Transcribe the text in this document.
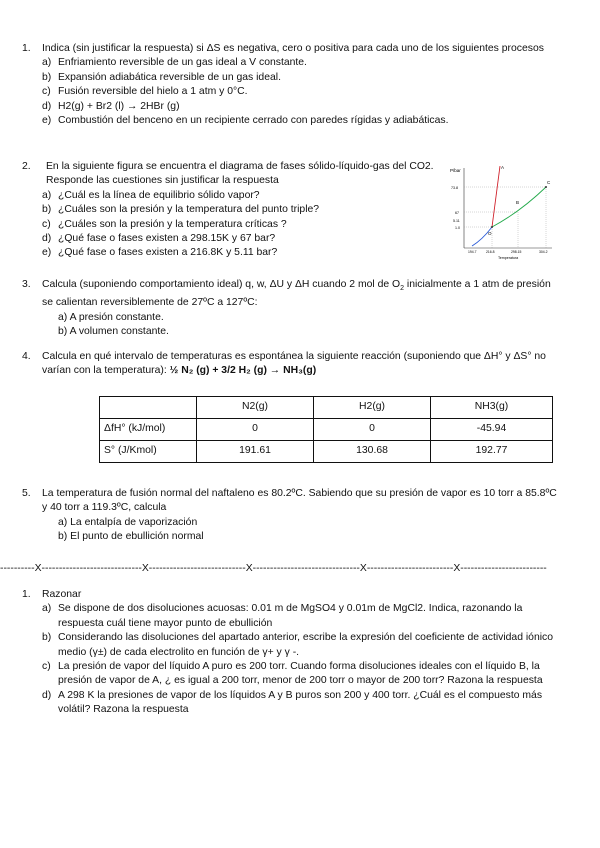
1. Indica (sin justificar la respuesta) si ΔS es negativa, cero o positiva para cada uno de los siguientes procesos
a) Enfriamiento reversible de un gas ideal a V constante.
b) Expansión adiabática reversible de un gas ideal.
c) Fusión reversible del hielo a 1 atm y 0°C.
d) H2(g) + Br2 (l) → 2HBr (g)
e) Combustión del benceno en un recipiente cerrado con paredes rígidas y adiabáticas.
2.	En la siguiente figura se encuentra el diagrama de fases sólido-líquido-gas del CO2. Responde las cuestiones sin justificar la respuesta
a) ¿Cuál es la línea de equilibrio sólido vapor?
b) ¿Cuáles son la presión y la temperatura del punto triple?
c) ¿Cuáles son la presión y la temperatura críticas ?
d) ¿Qué fase o fases existen a 298.15K y 67 bar?
e) ¿Qué fase o fases existen a 216.8K y 5.11 bar?
P/bar
A
B
C
O
73.8
67
5.11
1.0
194.7	216.8	298.15	304.2
Temperatura
3. Calcula (suponiendo comportamiento ideal) q, w, ΔU y ΔH cuando 2 mol de $O_2$ inicialmente a 1 atm de presión se calientan reversiblemente de 27ºC a 127ºC:
a) A presión constante.
b) A volumen constante.
4. Calcula en qué intervalo de temperaturas es espontánea la siguiente reacción (suponiendo que ΔH° y ΔS° no varían con la temperatura): ½ N₂ (g) + 3/2 H₂ (g) → NH₃(g)
	N2(g)	H2(g)	NH3(g)
ΔfH° (kJ/mol)	0	0	-45.94
S° (J/Kmol)	191.61	130.68	192.77
5. La temperatura de fusión normal del naftaleno es 80.2ºC. Sabiendo que su presión de vapor es 10 torr a 85.8ºC y 40 torr a 119.3ºC, calcula
a) La entalpía de vaporización
b) El punto de ebullición normal
----------X-----------------------------X----------------------------X-------------------------------X-------------------------X-------------------------
1. Razonar
a) Se dispone de dos disoluciones acuosas: 0.01 m de MgSO4 y 0.01m de MgCl2. Indica, razonando la respuesta cuál tiene mayor punto de ebullición
b) Considerando las disoluciones del apartado anterior, escribe la expresión del coeficiente de actividad iónico medio (γ±) de cada electrolito en función de γ+ y γ -.
c) La presión de vapor del líquido A puro es 200 torr. Cuando forma disoluciones ideales con el líquido B, la presión de vapor de A, ¿ es igual a 200 torr, menor de 200 torr o mayor de 200 torr? Razona la respuesta
d) A 298 K la presiones de vapor de los líquidos A y B puros son 200 y 400 torr. ¿Cuál es el compuesto más volátil? Razona la respuesta
